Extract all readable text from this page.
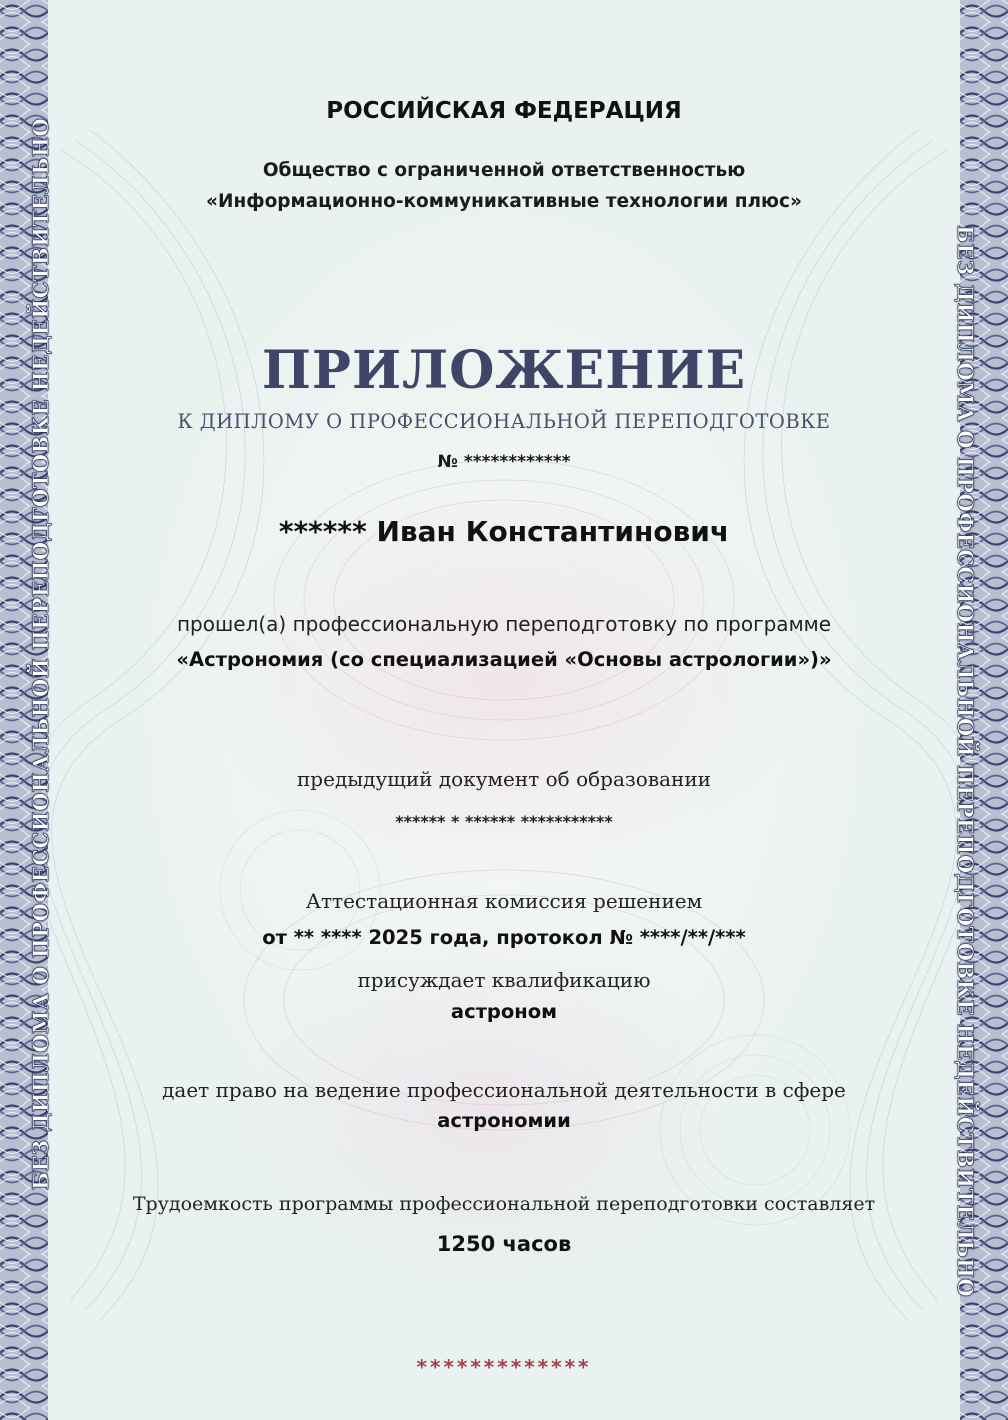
БЕЗ ДИПЛОМА О ПРОФЕССИОНАЛЬНОЙ ПЕРЕПОДГОТОВКЕ НЕДЕЙСТВИТЕЛЬНО	БЕЗ ДИПЛОМА О ПРОФЕССИОНАЛЬНОЙ ПЕРЕПОДГОТОВКЕ НЕДЕЙСТВИТЕЛЬНО
РОССИЙСКАЯ ФЕДЕРАЦИЯ
Общество с ограниченной ответственностью
«Информационно-коммуникативные технологии плюс»
ПРИЛОЖЕНИЕ
К ДИПЛОМУ О ПРОФЕССИОНАЛЬНОЙ ПЕРЕПОДГОТОВКЕ
№ ************
****** Иван Константинович
прошел(а) профессиональную переподготовку по программе
«Астрономия (со специализацией «Основы астрологии»)»
предыдущий документ об образовании
****** * ****** ***********
Аттестационная комиссия решением
от ** **** 2025 года, протокол № ****/**/***
присуждает квалификацию
астроном
дает право на ведение профессиональной деятельности в сфере
астрономии
Трудоемкость программы профессиональной переподготовки составляет
1250 часов
*************
